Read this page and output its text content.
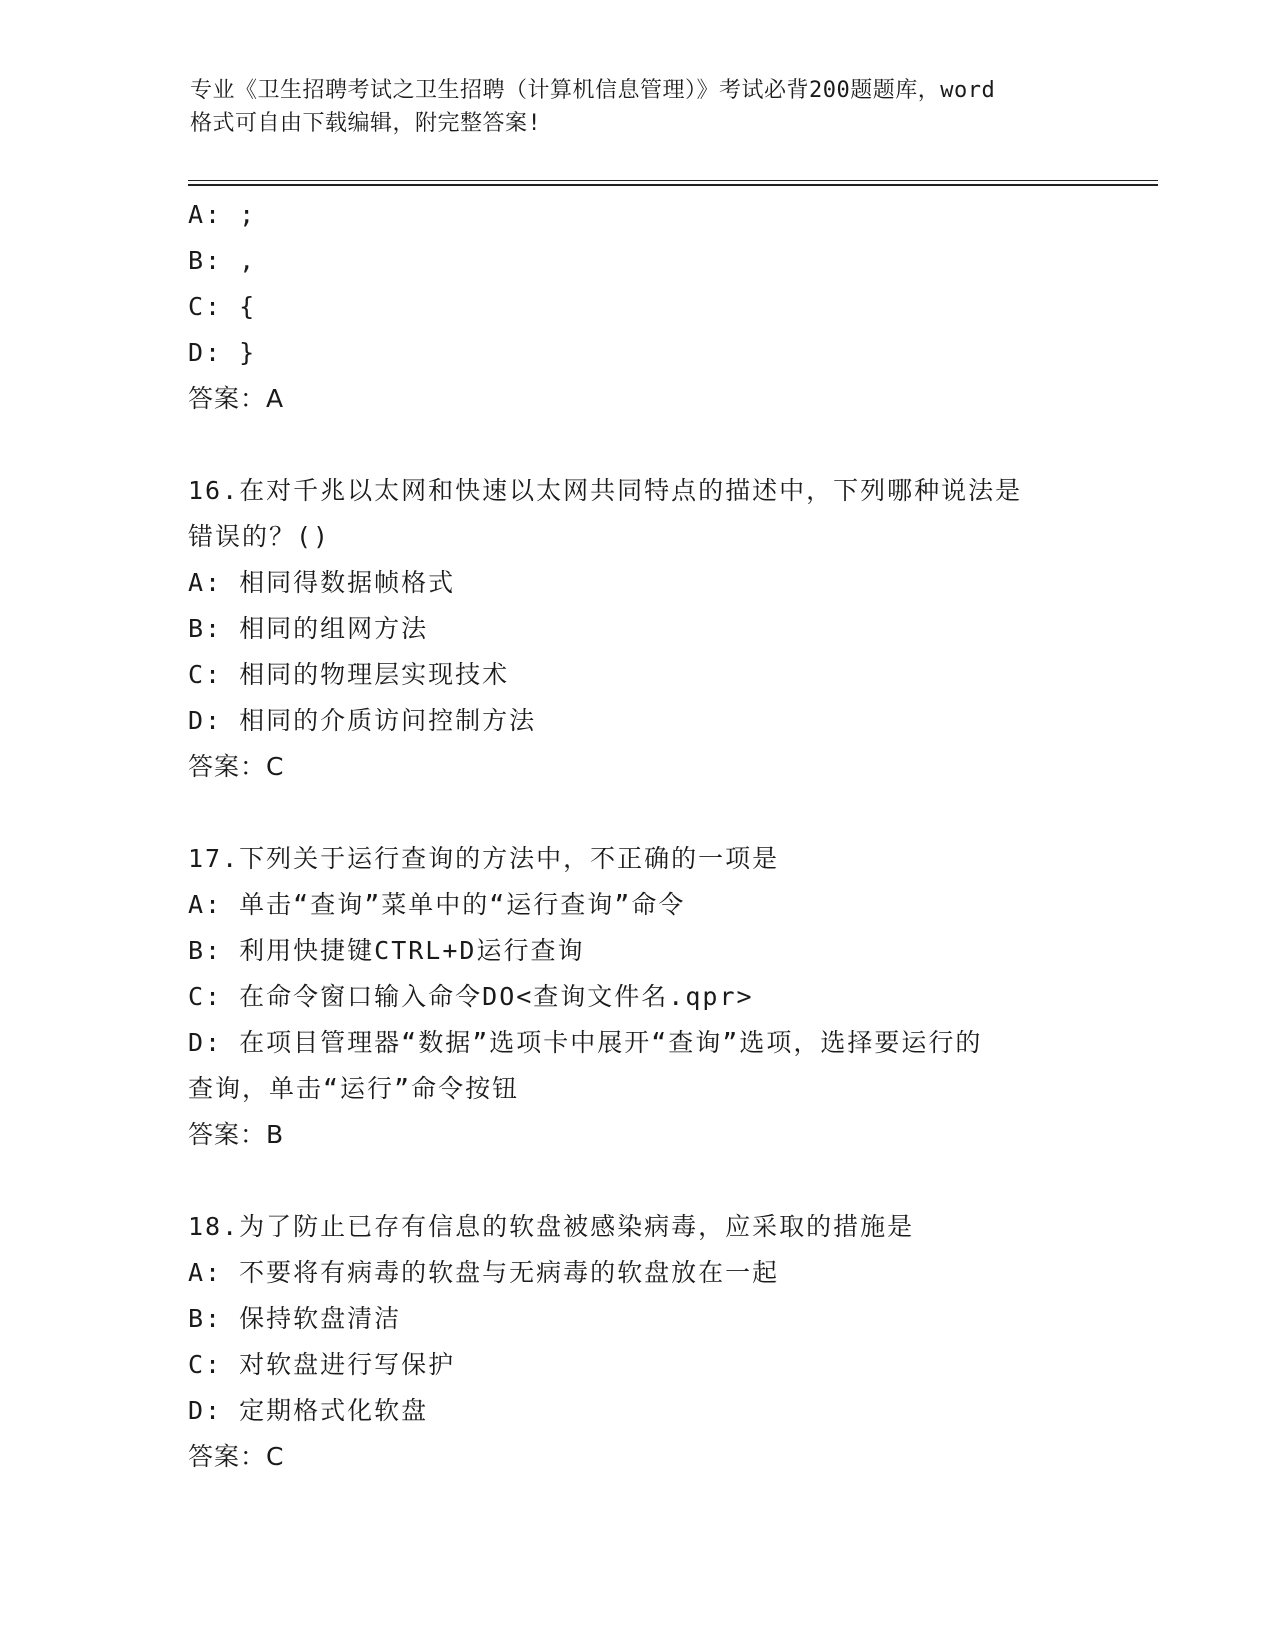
专业《卫生招聘考试之卫生招聘（计算机信息管理）》考试必背200题题库，word
格式可自由下载编辑，附完整答案!
A: ;
B: ,
C: {
D: }
答案：A
16.在对千兆以太网和快速以太网共同特点的描述中，下列哪种说法是
错误的？()
A: 相同得数据帧格式
B: 相同的组网方法
C: 相同的物理层实现技术
D: 相同的介质访问控制方法
答案：C
17.下列关于运行查询的方法中，不正确的一项是
A: 单击“查询”菜单中的“运行查询”命令
B: 利用快捷键CTRL+D运行查询
C: 在命令窗口输入命令DO<查询文件名.qpr>
D: 在项目管理器“数据”选项卡中展开“查询”选项，选择要运行的
查询，单击“运行”命令按钮
答案：B
18.为了防止已存有信息的软盘被感染病毒，应采取的措施是
A: 不要将有病毒的软盘与无病毒的软盘放在一起
B: 保持软盘清洁
C: 对软盘进行写保护
D: 定期格式化软盘
答案：C
